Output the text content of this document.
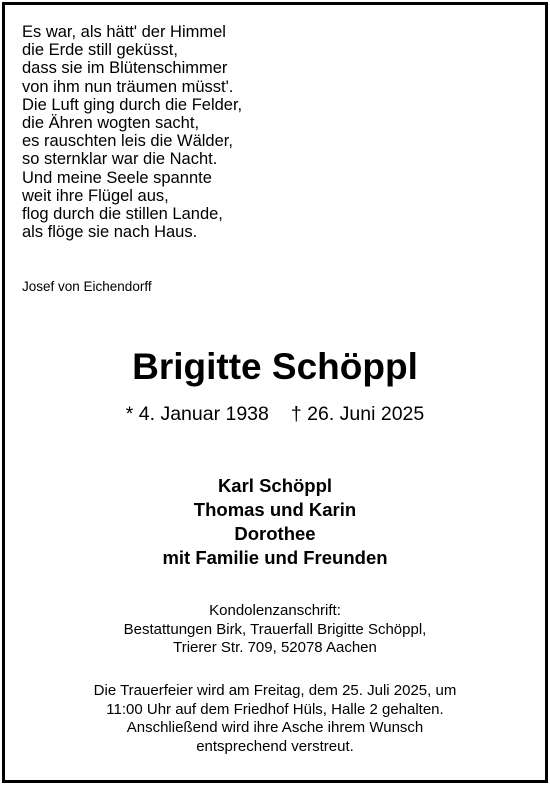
Es war, als hätt' der Himmel
die Erde still geküsst,
dass sie im Blütenschimmer
von ihm nun träumen müsst'.
Die Luft ging durch die Felder,
die Ähren wogten sacht,
es rauschten leis die Wälder,
so sternklar war die Nacht.
Und meine Seele spannte
weit ihre Flügel aus,
flog durch die stillen Lande,
als flöge sie nach Haus.
Josef von Eichendorff
Brigitte Schöppl
* 4. Januar 1938 † 26. Juni 2025
Karl Schöppl
Thomas und Karin
Dorothee
mit Familie und Freunden
Kondolenzanschrift:
Bestattungen Birk, Trauerfall Brigitte Schöppl,
Trierer Str. 709, 52078 Aachen
Die Trauerfeier wird am Freitag, dem 25. Juli 2025, um
11:00 Uhr auf dem Friedhof Hüls, Halle 2 gehalten.
Anschließend wird ihre Asche ihrem Wunsch
entsprechend verstreut.
